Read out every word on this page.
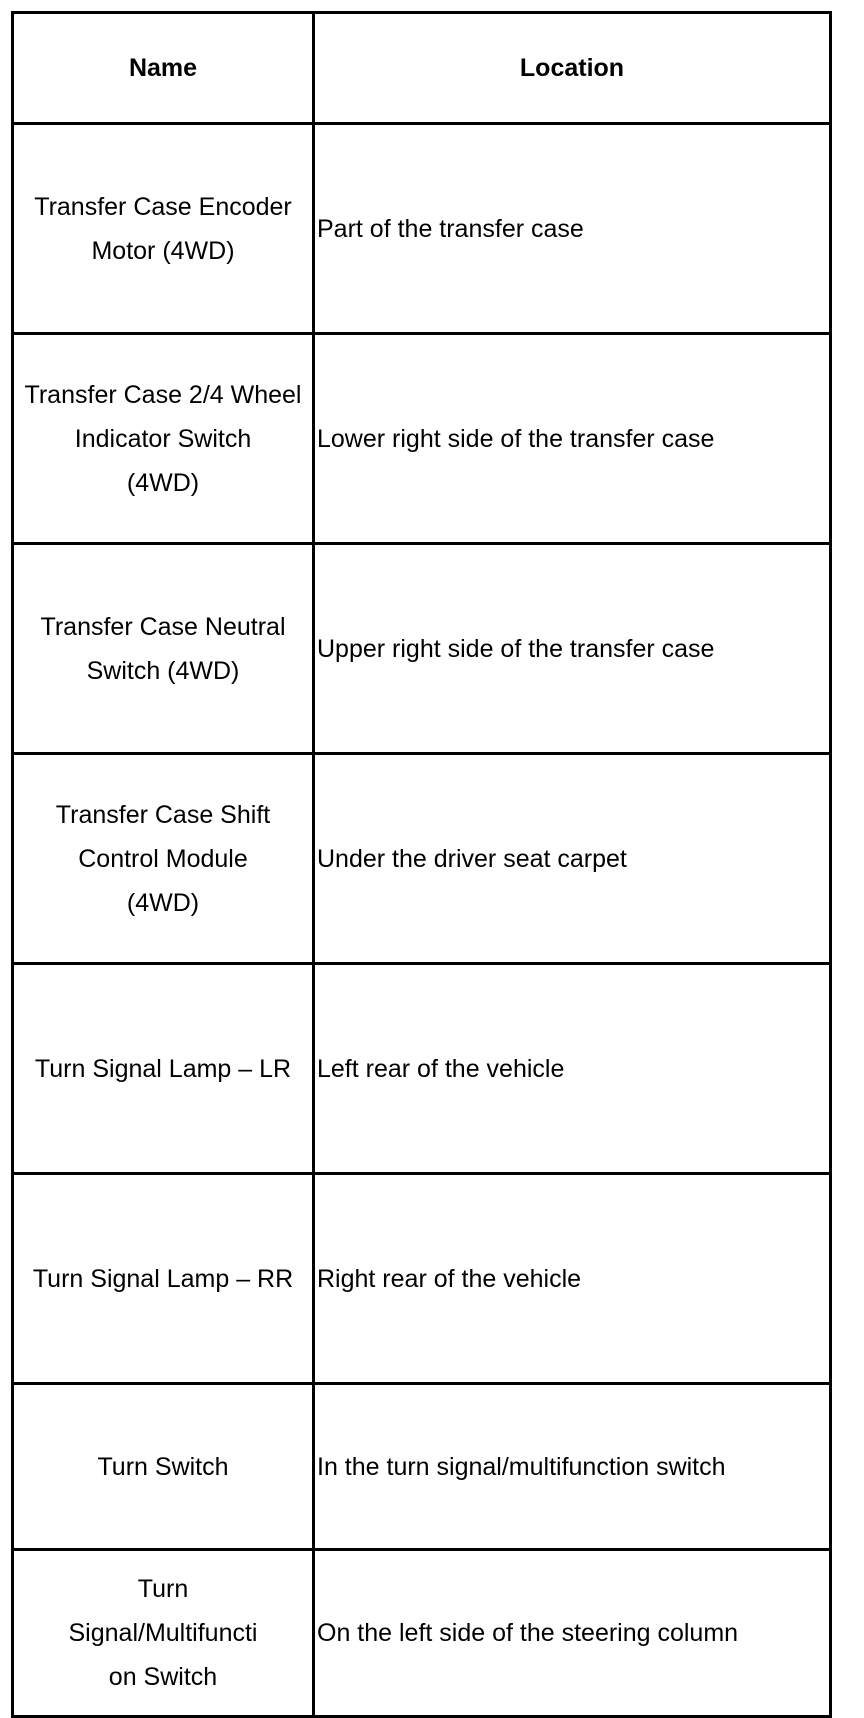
Name	Location

Transfer Case Encoder
Motor (4WD)	Part of the transfer case

Transfer Case 2/4 Wheel
Indicator Switch
(4WD)	Lower right side of the transfer case

Transfer Case Neutral
Switch (4WD)	Upper right side of the transfer case

Transfer Case Shift
Control Module
(4WD)	Under the driver seat carpet

Turn Signal Lamp – LR	Left rear of the vehicle

Turn Signal Lamp – RR	Right rear of the vehicle

Turn Switch	In the turn signal/multifunction switch

Turn
Signal/Multifuncti
on Switch	On the left side of the steering column
